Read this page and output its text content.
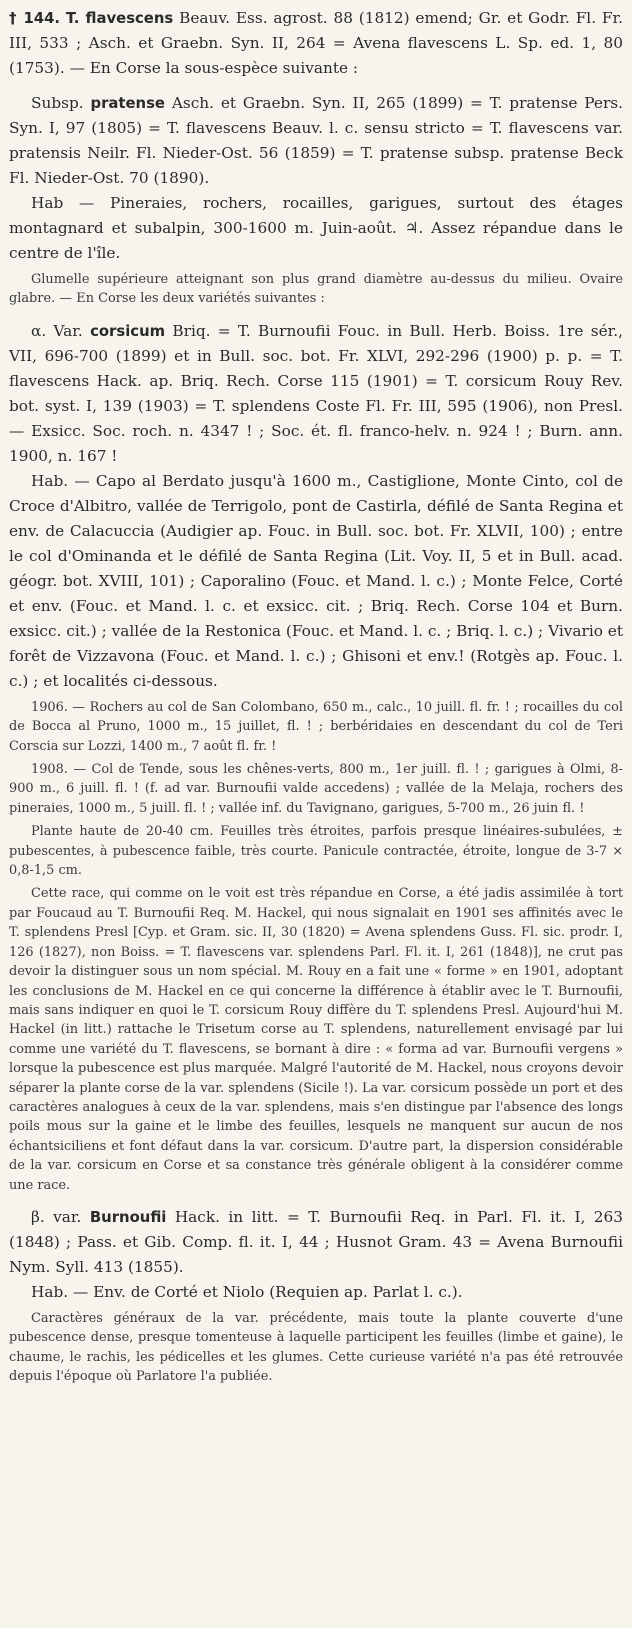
† 144. T. flavescens Beauv. Ess. agrost. 88 (1812) emend; Gr. et Godr. Fl. Fr. III, 533 ; Asch. et Graebn. Syn. II, 264 = Avena flavescens L. Sp. ed. 1, 80 (1753). — En Corse la sous-espèce suivante :

Subsp. pratense Asch. et Graebn. Syn. II, 265 (1899) = T. pratense Pers. Syn. I, 97 (1805) = T. flavescens Beauv. l. c. sensu stricto = T. flavescens var. pratensis Neilr. Fl. Nieder-Ost. 56 (1859) = T. pratense subsp. pratense Beck Fl. Nieder-Ost. 70 (1890).

Hab — Pineraies, rochers, rocailles, garigues, surtout des étages montagnard et subalpin, 300-1600 m. Juin-août. ♃. Assez répandue dans le centre de l'île.

Glumelle supérieure atteignant son plus grand diamètre au-dessus du milieu. Ovaire glabre. — En Corse les deux variétés suivantes :

α. Var. corsicum Briq. = T. Burnoufii Fouc. in Bull. Herb. Boiss. 1re sér., VII, 696-700 (1899) et in Bull. soc. bot. Fr. XLVI, 292-296 (1900) p. p. = T. flavescens Hack. ap. Briq. Rech. Corse 115 (1901) = T. corsicum Rouy Rev. bot. syst. I, 139 (1903) = T. splendens Coste Fl. Fr. III, 595 (1906), non Presl. — Exsicc. Soc. roch. n. 4347 ! ; Soc. ét. fl. franco-helv. n. 924 ! ; Burn. ann. 1900, n. 167 !

Hab. — Capo al Berdato jusqu'à 1600 m., Castiglione, Monte Cinto, col de Croce d'Albitro, vallée de Terrigolo, pont de Castirla, défilé de Santa Regina et env. de Calacuccia (Audigier ap. Fouc. in Bull. soc. bot. Fr. XLVII, 100) ; entre le col d'Ominanda et le défilé de Santa Regina (Lit. Voy. II, 5 et in Bull. acad. géogr. bot. XVIII, 101) ; Caporalino (Fouc. et Mand. l. c.) ; Monte Felce, Corté et env. (Fouc. et Mand. l. c. et exsicc. cit. ; Briq. Rech. Corse 104 et Burn. exsicc. cit.) ; vallée de la Restonica (Fouc. et Mand. l. c. ; Briq. l. c.) ; Vivario et forêt de Vizzavona (Fouc. et Mand. l. c.) ; Ghisoni et env.! (Rotgès ap. Fouc. l. c.) ; et localités ci-dessous.

1906. — Rochers au col de San Colombano, 650 m., calc., 10 juill. fl. fr. ! ; rocailles du col de Bocca al Pruno, 1000 m., 15 juillet, fl. ! ; berbéridaies en descendant du col de Teri Corscia sur Lozzi, 1400 m., 7 août fl. fr. !

1908. — Col de Tende, sous les chênes-verts, 800 m., 1er juill. fl. ! ; garigues à Olmi, 8-900 m., 6 juill. fl. ! (f. ad var. Burnoufii valde accedens) ; vallée de la Melaja, rochers des pineraies, 1000 m., 5 juill. fl. ! ; vallée inf. du Tavignano, garigues, 5-700 m., 26 juin fl. !

Plante haute de 20-40 cm. Feuilles très étroites, parfois presque linéaires-subulées, ± pubescentes, à pubescence faible, très courte. Panicule contractée, étroite, longue de 3-7 × 0,8-1,5 cm.

Cette race, qui comme on le voit est très répandue en Corse, a été jadis assimilée à tort par Foucaud au T. Burnoufii Req. M. Hackel, qui nous signalait en 1901 ses affinités avec le T. splendens Presl [Cyp. et Gram. sic. II, 30 (1820) = Avena splendens Guss. Fl. sic. prodr. I, 126 (1827), non Boiss. = T. flavescens var. splendens Parl. Fl. it. I, 261 (1848)], ne crut pas devoir la distinguer sous un nom spécial. M. Rouy en a fait une « forme » en 1901, adoptant les conclusions de M. Hackel en ce qui concerne la différence à établir avec le T. Burnoufii, mais sans indiquer en quoi le T. corsicum Rouy diffère du T. splendens Presl. Aujourd'hui M. Hackel (in litt.) rattache le Trisetum corse au T. splendens, naturellement envisagé par lui comme une variété du T. flavescens, se bornant à dire : « forma ad var. Burnoufii vergens » lorsque la pubescence est plus marquée. Malgré l'autorité de M. Hackel, nous croyons devoir séparer la plante corse de la var. splendens (Sicile !). La var. corsicum possède un port et des caractères analogues à ceux de la var. splendens, mais s'en distingue par l'absence des longs poils mous sur la gaine et le limbe des feuilles, lesquels ne manquent sur aucun de nos échantsiciliens et font défaut dans la var. corsicum. D'autre part, la dispersion considérable de la var. corsicum en Corse et sa constance très générale obligent à la considérer comme une race.

β. var. Burnoufii Hack. in litt. = T. Burnoufii Req. in Parl. Fl. it. I, 263 (1848) ; Pass. et Gib. Comp. fl. it. I, 44 ; Husnot Gram. 43 = Avena Burnoufii Nym. Syll. 413 (1855).

Hab. — Env. de Corté et Niolo (Requien ap. Parlat l. c.).

Caractères généraux de la var. précédente, mais toute la plante couverte d'une pubescence dense, presque tomenteuse à laquelle participent les feuilles (limbe et gaine), le chaume, le rachis, les pédicelles et les glumes. Cette curieuse variété n'a pas été retrouvée depuis l'époque où Parlatore l'a publiée.
